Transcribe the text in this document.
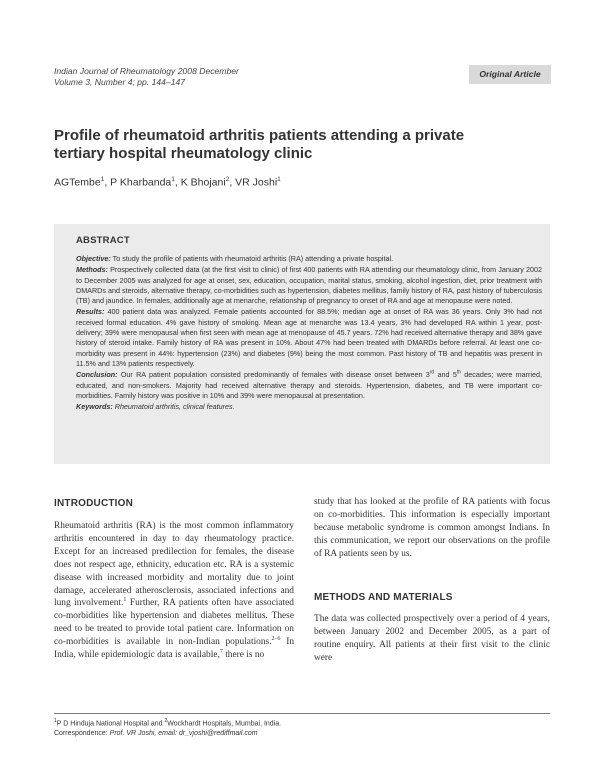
Indian Journal of Rheumatology 2008 December
Volume 3, Number 4; pp. 144–147
Original Article
Profile of rheumatoid arthritis patients attending a private tertiary hospital rheumatology clinic
AGTembe$^1$, P Kharbanda$^1$, K Bhojani$^2$, VR Joshi$^1$
ABSTRACT

Objective: To study the profile of patients with rheumatoid arthritis (RA) attending a private hospital.

Methods: Prospectively collected data (at the first visit to clinic) of first 400 patients with RA attending our rheumatology clinic, from January 2002 to December 2005 was analyzed for age at onset, sex, education, occupation, marital status, smoking, alcohol ingestion, diet, prior treatment with DMARDs and steroids, alternative therapy, co-morbidities such as hypertension, diabetes mellitus, family history of RA, past history of tuberculosis (TB) and jaundice. In females, additionally age at menarche, relationship of pregnancy to onset of RA and age at menopause were noted.

Results: 400 patient data was analyzed. Female patients accounted for 88.5%; median age at onset of RA was 36 years. Only 3% had not received formal education. 4% gave history of smoking. Mean age at menarche was 13.4 years, 3% had developed RA within 1 year, post-delivery; 39% were menopausal when first seen with mean age at menopause of 45.7 years. 72% had received alternative therapy and 38% gave history of steroid intake. Family history of RA was present in 10%. About 47% had been treated with DMARDs before referral. At least one co-morbidity was present in 44%: hypertension (23%) and diabetes (9%) being the most common. Past history of TB and hepatitis was present in 11.5% and 13% patients respectively.

Conclusion: Our RA patient population consisted predominantly of females with disease onset between 3rd and 5th decades; were married, educated, and non-smokers. Majority had received alternative therapy and steroids. Hypertension, diabetes, and TB were important co-morbidities. Family history was positive in 10% and 39% were menopausal at presentation.

Keywords: Rheumatoid arthritis, clinical features.

INTRODUCTION

Rheumatoid arthritis (RA) is the most common inflammatory arthritis encountered in day to day rheumatology practice. Except for an increased predilection for females, the disease does not respect age, ethnicity, education etc. RA is a systemic disease with increased morbidity and mortality due to joint damage, accelerated atherosclerosis, associated infections and lung involvement.$^1$ Further, RA patients often have associated co-morbidities like hypertension and diabetes mellitus. These need to be treated to provide total patient care. Information on co-morbidities is available in non-Indian populations.$^{2-6}$ In India, while epidemiologic data is available,$^7$ there is no

study that has looked at the profile of RA patients with focus on co-morbidities. This information is especially important because metabolic syndrome is common amongst Indians. In this communication, we report our observations on the profile of RA patients seen by us.
METHODS AND MATERIALS
The data was collected prospectively over a period of 4 years, between January 2002 and December 2005, as a part of routine enquiry. All patients at their first visit to the clinic were
$^1$P D Hinduja National Hospital and $^2$Wockhardt Hospitals, Mumbai, India.
Correspondence: Prof. VR Joshi, email: dr_vjoshi@rediffmail.com
